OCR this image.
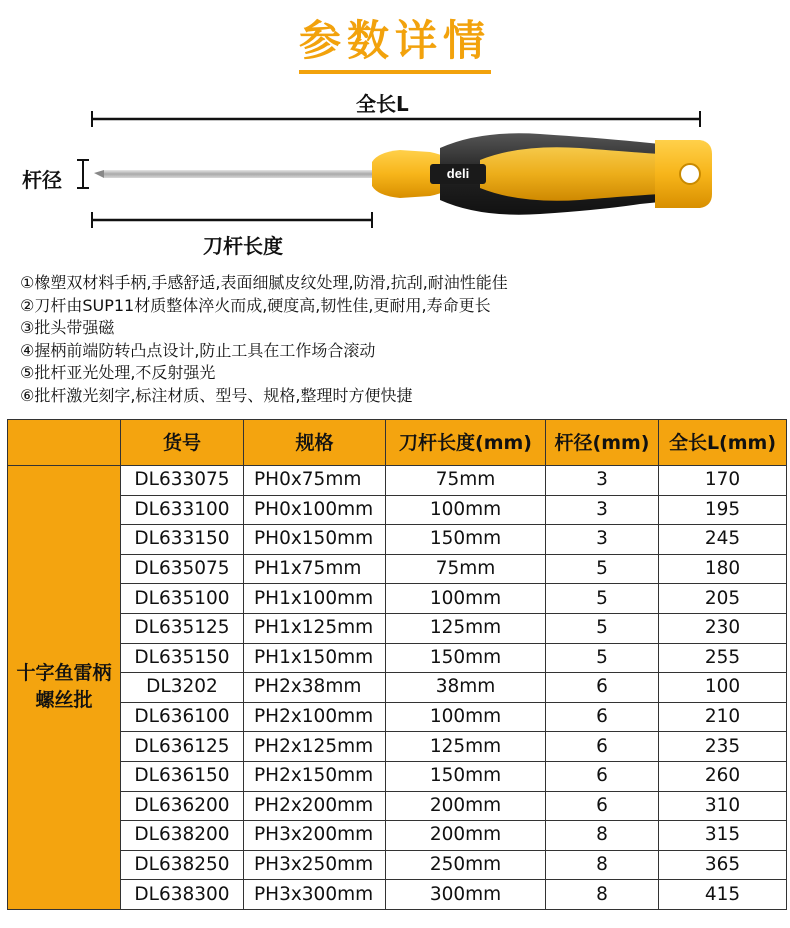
参数详情
全长L
杆径
刀杆长度
deli
①橡塑双材料手柄,手感舒适,表面细腻皮纹处理,防滑,抗刮,耐油性能佳
②刀杆由SUP11材质整体淬火而成,硬度高,韧性佳,更耐用,寿命更长
③批头带强磁
④握柄前端防转凸点设计,防止工具在工作场合滚动
⑤批杆亚光处理,不反射强光
⑥批杆激光刻字,标注材质、型号、规格,整理时方便快捷
	货号	规格	刀杆长度(mm)	杆径(mm)	全长L(mm)
十字鱼雷柄螺丝批	DL633075	PH0x75mm	75mm	3	170
	DL633100	PH0x100mm	100mm	3	195
	DL633150	PH0x150mm	150mm	3	245
	DL635075	PH1x75mm	75mm	5	180
	DL635100	PH1x100mm	100mm	5	205
	DL635125	PH1x125mm	125mm	5	230
	DL635150	PH1x150mm	150mm	5	255
	DL3202	PH2x38mm	38mm	6	100
	DL636100	PH2x100mm	100mm	6	210
	DL636125	PH2x125mm	125mm	6	235
	DL636150	PH2x150mm	150mm	6	260
	DL636200	PH2x200mm	200mm	6	310
	DL638200	PH3x200mm	200mm	8	315
	DL638250	PH3x250mm	250mm	8	365
	DL638300	PH3x300mm	300mm	8	415
